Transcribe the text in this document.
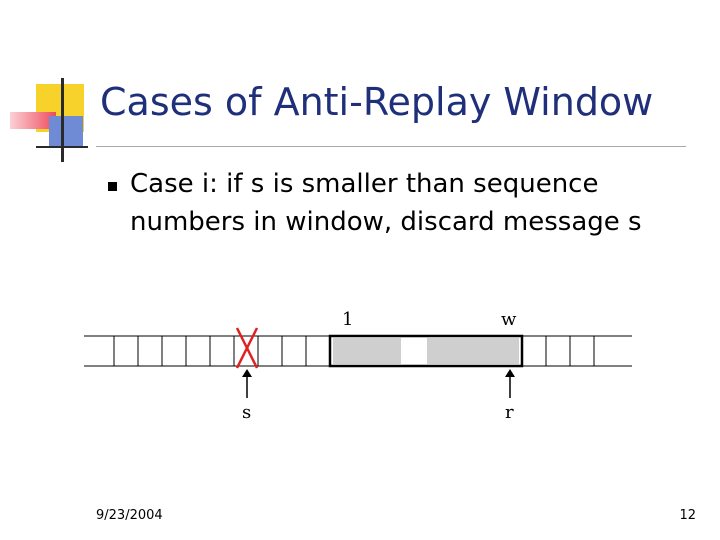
Cases of Anti-Replay Window
Case i: if s is smaller than sequence numbers in window, discard message s
1	w
s	r
9/23/2004	12
